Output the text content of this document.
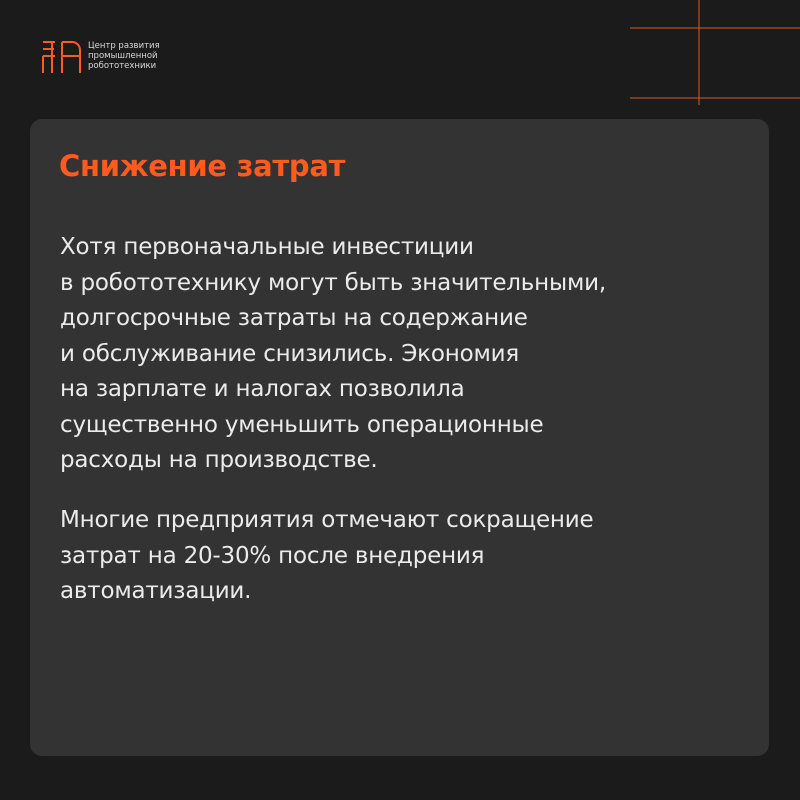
Центр развития
промышленной
робототехники
Снижение затрат
Хотя первоначальные инвестиции
в робототехнику могут быть значительными,
долгосрочные затраты на содержание
и обслуживание снизились. Экономия
на зарплате и налогах позволила
существенно уменьшить операционные
расходы на производстве.
Многие предприятия отмечают сокращение
затрат на 20-30% после внедрения
автоматизации.
